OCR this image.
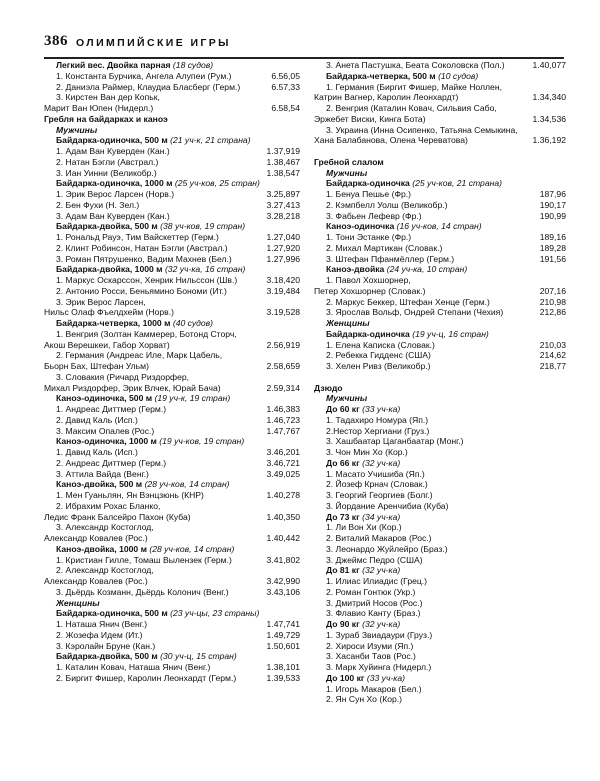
386 ОЛИМПИЙСКИЕ ИГРЫ
Легкий вес. Двойка парная (18 судов)
1. Константа Бурчика, Ангела Алупеи (Рум.)	6.56,05
2. Даниэла Раймер, Клаудиа Блaсберг (Герм.)	6.57,33
3. Кирстен Ван дер Копьк,
Марит Ван Юпен (Нидерл.)	6.58,54
Гребля на байдарках и каноэ
Мужчины
Байдарка-одиночка, 500 м (21 уч-к, 21 страна)
1. Адам Ван Куверден (Кан.)	1.37,919
2. Натан Бэгли (Австрал.)	1.38,467
3. Иан Уинни (Великобр.)	1.38,547
Байдарка-одиночка, 1000 м (25 уч-ков, 25 стран)
1. Эрик Верос Ларсен (Норв.)	3.25,897
2. Бен Фухи (Н. Зел.)	3.27,413
3. Адам Ван Куверден (Кан.)	3.28,218
Байдарка-двойка, 500 м (38 уч-ков, 19 стран)
1. Рональд Рауэ, Тим Вайскеттер (Герм.)	1.27,040
2. Клинт Робинсон, Натан Бэгли (Австрал.)	1.27,920
3. Роман Пятрушенко, Вадим Махнев (Бел.)	1.27,996
Байдарка-двойка, 1000 м (32 уч-ка, 16 стран)
1. Маркус Оскарссон, Хенрик Нильссон (Шв.)	3.18,420
2. Антонио Росси, Беньямино Бономи (Ит.)	3.19,484
3. Эрик Верос Ларсен,
Нильс Олаф Фъелдхейм (Норв.)	3.19,528
Байдарка-четверка, 1000 м (40 судов)
1. Венгрия (Золтан Каммерер, Ботонд Сторч,
Акош Верешкеи, Габор Хорват)	2.56,919
2. Германия (Андреас Иле, Марк Цабель,
Бьорн Бах, Штефан Ульм)	2.58,659
3. Словакия (Ричард Риздорфер,
Михал Риздорфер, Эрик Влчек, Юрай Бача)	2.59,314
Каноэ-одиночка, 500 м (19 уч-к, 19 стран)
1. Андреас Диттмер (Герм.)	1.46,383
2. Давид Каль (Исп.)	1.46,723
3. Максим Опалев (Рос.)	1.47,767
Каноэ-одиночка, 1000 м (19 уч-ков, 19 стран)
1. Давид Каль (Исп.)	3.46,201
2. Андреас Диттмер (Герм.)	3.46,721
3. Аттила Вайда (Венг.)	3.49,025
Каноэ-двойка, 500 м (28 уч-ков, 14 стран)
1. Мен Гуаньлян, Ян Вэнцзюнь (КНР)	1.40,278
2. Ибрахим Рохас Бланко,
Ледис Франк Балсейро Пахон (Куба)	1.40,350
3. Александр Костоглод,
Александр Ковалев (Рос.)	1.40,442
Каноэ-двойка, 1000 м (28 уч-ков, 14 стран)
1. Кристиан Гилле, Томаш Вылензек (Герм.)	3.41,802
2. Александр Костоглод,
Александр Ковалев (Рос.)	3.42,990
3. Дьёрдь Козманн, Дьёрдь Колонич (Венг.)	3.43,106
Женщины
Байдарка-одиночка, 500 м (23 уч-цы, 23 страны)
1. Наташа Янич (Венг.)	1.47,741
2. Жозефа Идем (Ит.)	1.49,729
3. Кэролайн Бруне (Кан.)	1.50,601
Байдарка-двойка, 500 м (30 уч-ц, 15 стран)
1. Каталин Ковач, Наташа Янич (Венг.)	1.38,101
2. Биргит Фишер, Каролин Леонхардт (Герм.)	1.39,533
3. Анета Пастушка, Беата Соколовска (Пол.)	1.40,077
Байдарка-четверка, 500 м (10 судов)
1. Германия (Биргит Фишер, Майке Ноллен,
Катрин Вагнер, Каролин Леонхардт)	1.34,340
2. Венгрия (Каталин Ковач, Сильвия Сабо,
Эржебет Виски, Кинга Бота)	1.34,536
3. Украина (Инна Осипенко, Татьяна Семыкина,
Хана Балабанова, Олена Череватова)	1.36,192
Гребной слалом
Мужчины
Байдарка-одиночка (25 уч-ков, 21 страна)
1. Бенуа Пешье (Фр.)	187,96
2. Кэмпбелл Уолш (Великобр.)	190,17
3. Фабьен Лефевр (Фр.)	190,99
Каноэ-одиночка (16 уч-ков, 14 стран)
1. Тони Эстанке (Фр.)	189,16
2. Михал Мартикан (Словак.)	189,28
3. Штефан Пфанмёллер (Герм.)	191,56
Каноэ-двойка (24 уч-ка, 10 стран)
1. Павол Хохшорнер,
Петер Хохшорнер (Словак.)	207,16
2. Маркус Беккер, Штефан Хенце (Герм.)	210,98
3. Ярослав Вольф, Ондрей Степани (Чехия)	212,86
Женщины
Байдарка-одиночка (19 уч-ц, 16 стран)
1. Елена Каписка (Словак.)	210,03
2. Ребекка Гидденс (США)	214,62
3. Хелен Ривз (Великобр.)	218,77
Дзюдо
Мужчины
До 60 кг (33 уч-ка)
1. Тадахиро Номура (Яп.)
2.Нестор Хергиани (Груз.)
3. Хашбаатар Цаганбаатар (Монг.)
3. Чон Мин Хо (Кор.)
До 66 кг (32 уч-ка)
1. Масато Учишиба (Яп.)
2. Йозеф Крнач (Словак.)
3. Георгий Георгиев (Болг.)
3. Йордание Аренчибиа (Куба)
До 73 кг (34 уч-ка)
1. Ли Вон Хи (Кор.)
2. Виталий Макаров (Рос.)
3. Леонардо Жуйлейро (Браз.)
3. Джеймс Педро (США)
До 81 кг (32 уч-ка)
1. Илиас Илиадис (Грец.)
2. Роман Гонтюк (Укр.)
3. Дмитрий Носов (Рос.)
3. Флавио Канту (Браз.)
До 90 кг (32 уч-ка)
1. Зураб Звиадаури (Груз.)
2. Хироси Изуми (Яп.)
3. Хасанби Таов (Рос.)
3. Марк Хуйинга (Нидерл.)
До 100 кг (33 уч-ка)
1. Игорь Макаров (Бел.)
2. Ян Сун Хо (Кор.)
